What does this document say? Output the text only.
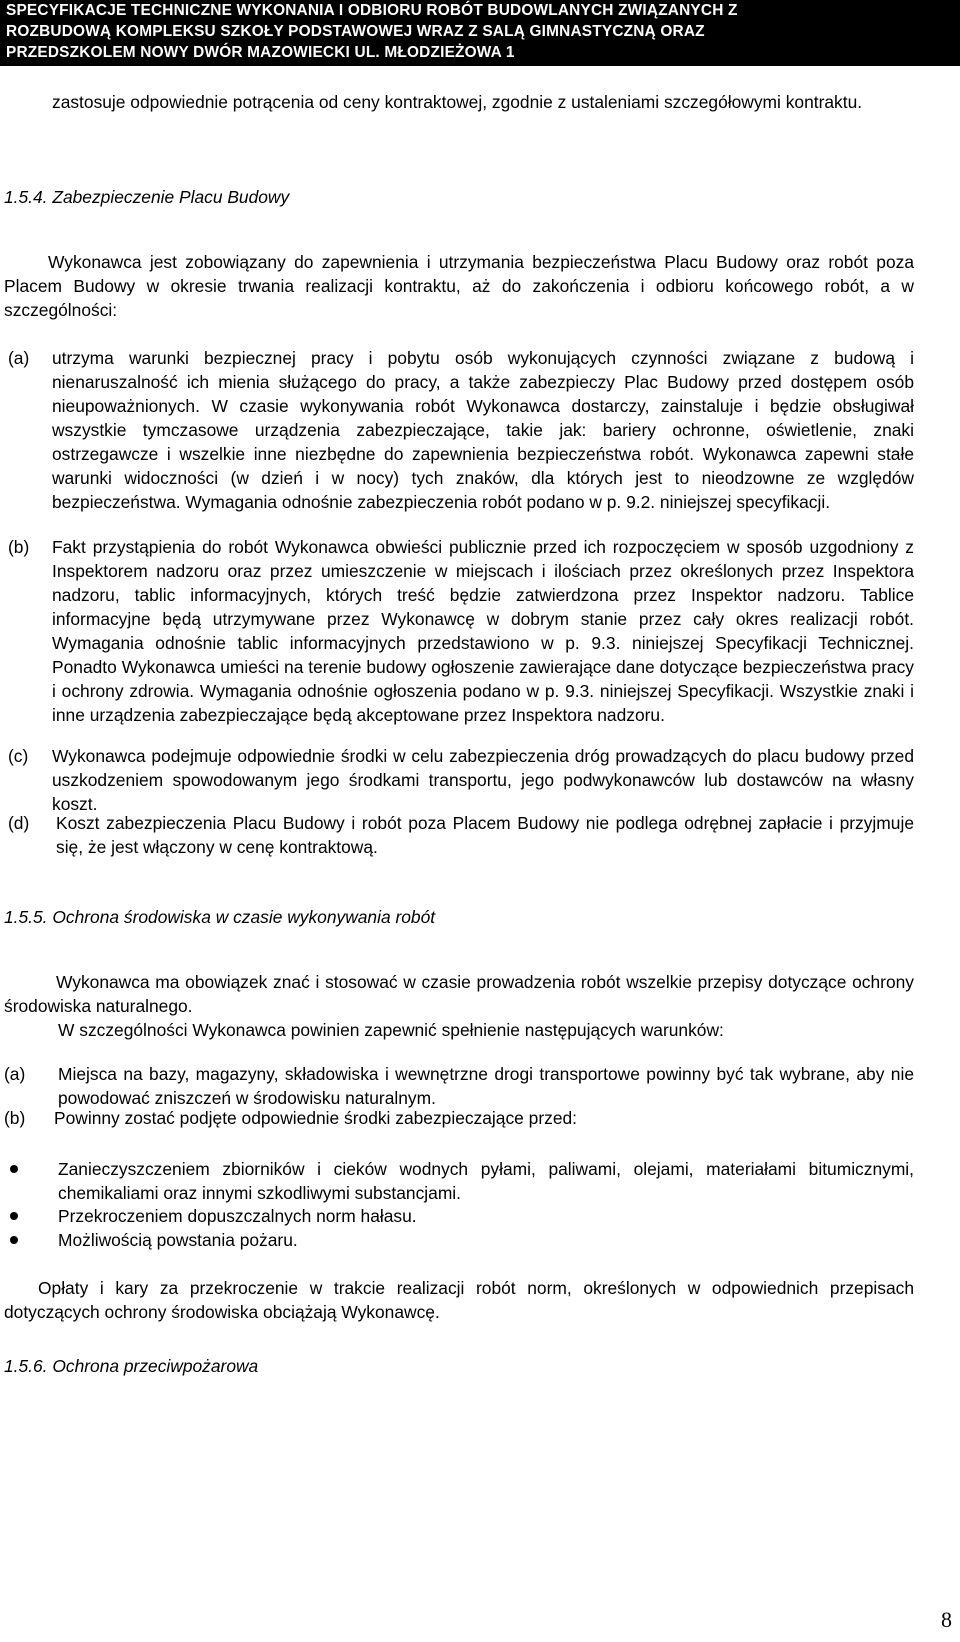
SPECYFIKACJE TECHNICZNE WYKONANIA I ODBIORU ROBÓT BUDOWLANYCH ZWIĄZANYCH Z
ROZBUDOWĄ KOMPLEKSU SZKOŁY PODSTAWOWEJ WRAZ Z SALĄ GIMNASTYCZNĄ ORAZ
PRZEDSZKOLEM NOWY DWÓR MAZOWIECKI UL. MŁODZIEŻOWA 1
zastosuje odpowiednie potrącenia od ceny kontraktowej, zgodnie z ustaleniami szczegółowymi kontraktu.
1.5.4. Zabezpieczenie Placu Budowy
Wykonawca jest zobowiązany do zapewnienia i utrzymania bezpieczeństwa Placu Budowy oraz robót poza Placem Budowy w okresie trwania realizacji kontraktu, aż do zakończenia i odbioru końcowego robót, a w szczególności:
(a) utrzyma warunki bezpiecznej pracy i pobytu osób wykonujących czynności związane z budową i nienaruszalność ich mienia służącego do pracy, a także zabezpieczy Plac Budowy przed dostępem osób nieupoważnionych. W czasie wykonywania robót Wykonawca dostarczy, zainstaluje i będzie obsługiwał wszystkie tymczasowe urządzenia zabezpieczające, takie jak: bariery ochronne, oświetlenie, znaki ostrzegawcze i wszelkie inne niezbędne do zapewnienia bezpieczeństwa robót. Wykonawca zapewni stałe warunki widoczności (w dzień i w nocy) tych znaków, dla których jest to nieodzowne ze względów bezpieczeństwa. Wymagania odnośnie zabezpieczenia robót podano w p. 9.2. niniejszej specyfikacji.
(b) Fakt przystąpienia do robót Wykonawca obwieści publicznie przed ich rozpoczęciem w sposób uzgodniony z Inspektorem nadzoru oraz przez umieszczenie w miejscach i ilościach przez określonych przez Inspektora nadzoru, tablic informacyjnych, których treść będzie zatwierdzona przez Inspektor nadzoru. Tablice informacyjne będą utrzymywane przez Wykonawcę w dobrym stanie przez cały okres realizacji robót. Wymagania odnośnie tablic informacyjnych przedstawiono w p. 9.3. niniejszej Specyfikacji Technicznej. Ponadto Wykonawca umieści na terenie budowy ogłoszenie zawierające dane dotyczące bezpieczeństwa pracy i ochrony zdrowia. Wymagania odnośnie ogłoszenia podano w p. 9.3. niniejszej Specyfikacji. Wszystkie znaki i inne urządzenia zabezpieczające będą akceptowane przez Inspektora nadzoru.
(c) Wykonawca podejmuje odpowiednie środki w celu zabezpieczenia dróg prowadzących do placu budowy przed uszkodzeniem spowodowanym jego środkami transportu, jego podwykonawców lub dostawców na własny koszt.
(d) Koszt zabezpieczenia Placu Budowy i robót poza Placem Budowy nie podlega odrębnej zapłacie i przyjmuje się, że jest włączony w cenę kontraktową.
1.5.5. Ochrona środowiska w czasie wykonywania robót
Wykonawca ma obowiązek znać i stosować w czasie prowadzenia robót wszelkie przepisy dotyczące ochrony środowiska naturalnego.
W szczególności Wykonawca powinien zapewnić spełnienie następujących warunków:
(a) Miejsca na bazy, magazyny, składowiska i wewnętrzne drogi transportowe powinny być tak wybrane, aby nie powodować zniszczeń w środowisku naturalnym.
(b) Powinny zostać podjęte odpowiednie środki zabezpieczające przed:
Zanieczyszczeniem zbiorników i cieków wodnych pyłami, paliwami, olejami, materiałami bitumicznymi, chemikaliami oraz innymi szkodliwymi substancjami.
Przekroczeniem dopuszczalnych norm hałasu.
Możliwością powstania pożaru.
Opłaty i kary za przekroczenie w trakcie realizacji robót norm, określonych w odpowiednich przepisach dotyczących ochrony środowiska obciążają Wykonawcę.
1.5.6. Ochrona przeciwpożarowa
8
